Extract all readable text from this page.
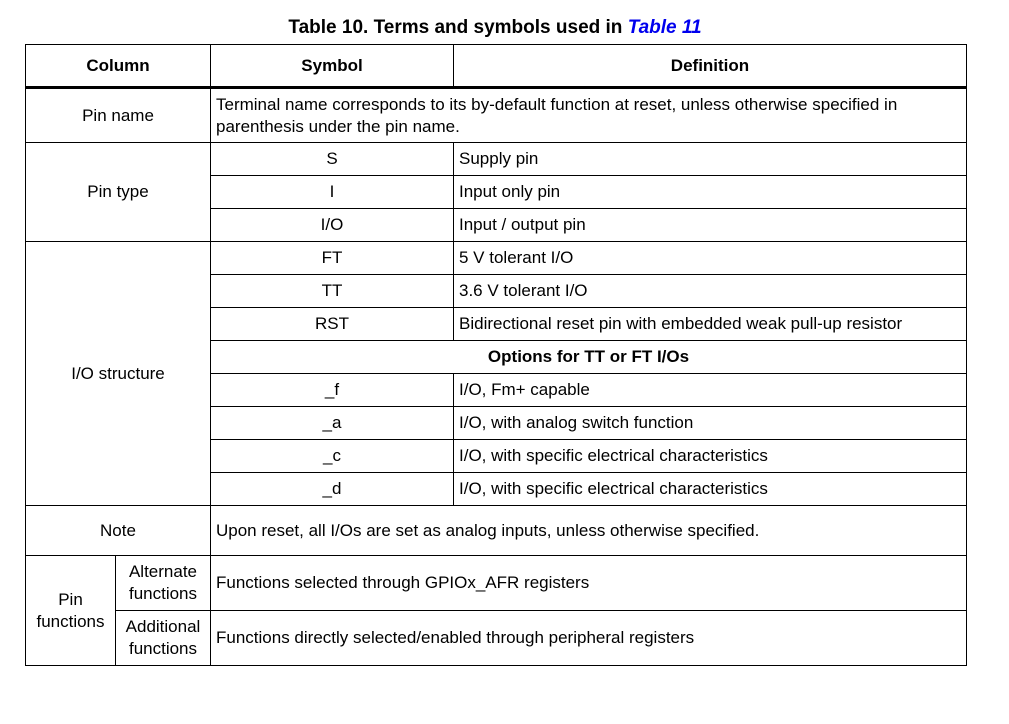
Table 10. Terms and symbols used in Table 11
Column		Symbol	Definition
Pin name		Terminal name corresponds to its by-default function at reset, unless otherwise specified in parenthesis under the pin name.	
Pin type		S	Supply pin
		I	Input only pin
		I/O	Input / output pin
I/O structure		FT	5 V tolerant I/O
		TT	3.6 V tolerant I/O
		RST	Bidirectional reset pin with embedded weak pull-up resistor
		Options for TT or FT I/Os	
		_f	I/O, Fm+ capable
		_a	I/O, with analog switch function
		_c	I/O, with specific electrical characteristics
		_d	I/O, with specific electrical characteristics
Note		Upon reset, all I/Os are set as analog inputs, unless otherwise specified.	
Pin functions	Alternate functions	Functions selected through GPIOx_AFR registers	
	Additional functions	Functions directly selected/enabled through peripheral registers	
